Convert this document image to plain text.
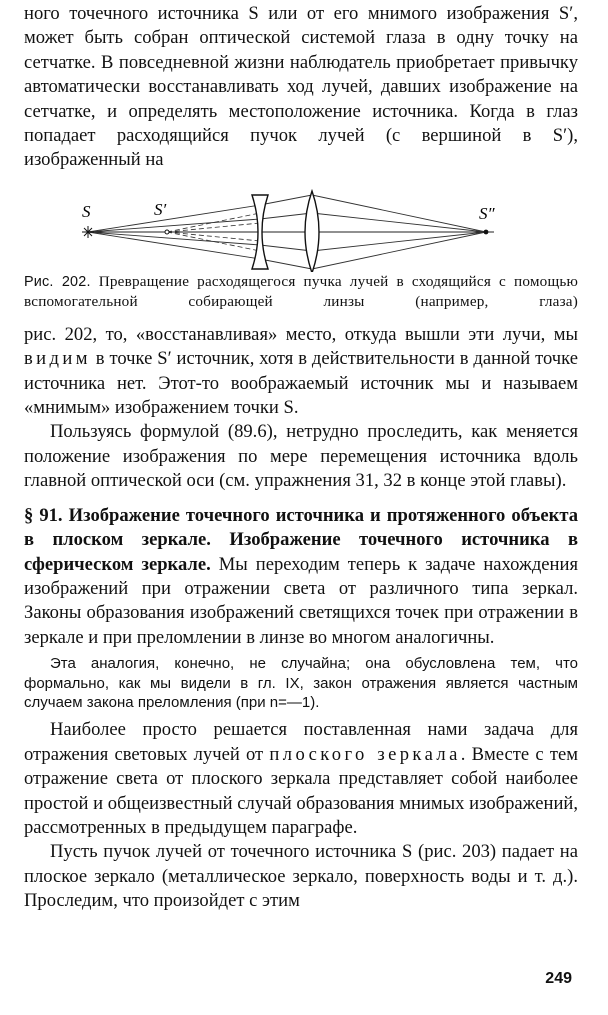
ного точечного источника S или от его мнимого изображения S′, может быть собран оптической системой глаза в одну точку на сетчатке. В повседневной жизни наблюдатель приобретает привычку автоматически восстанавливать ход лучей, давших изображение на сетчатке, и определять местоположение источника. Когда в глаз попадает расходящийся пучок лучей (с вершиной в S′), изображенный на

S	S′	S″

Рис. 202. Превращение расходящегося пучка лучей в сходящийся с помощью вспомогательной собирающей линзы (например, глаза)

рис. 202, то, «восстанавливая» место, откуда вышли эти лучи, мы видим в точке S′ источник, хотя в действительности в данной точке источника нет. Этот-то воображаемый источник мы и называем «мнимым» изображением точки S.

Пользуясь формулой (89.6), нетрудно проследить, как меняется положение изображения по мере перемещения источника вдоль главной оптической оси (см. упражнения 31, 32 в конце этой главы).

§ 91. Изображение точечного источника и протяженного объекта в плоском зеркале. Изображение точечного источника в сферическом зеркале. Мы переходим теперь к задаче нахождения изображений при отражении света от различного типа зеркал. Законы образования изображений светящихся точек при отражении в зеркале и при преломлении в линзе во многом аналогичны.

Эта аналогия, конечно, не случайна; она обусловлена тем, что формально, как мы видели в гл. IX, закон отражения является частным случаем закона преломления (при n=—1).

Наиболее просто решается поставленная нами задача для отражения световых лучей от плоского зеркала. Вместе с тем отражение света от плоского зеркала представляет собой наиболее простой и общеизвестный случай образования мнимых изображений, рассмотренных в предыдущем параграфе.

Пусть пучок лучей от точечного источника S (рис. 203) падает на плоское зеркало (металлическое зеркало, поверхность воды и т. д.). Проследим, что произойдет с этим

249
